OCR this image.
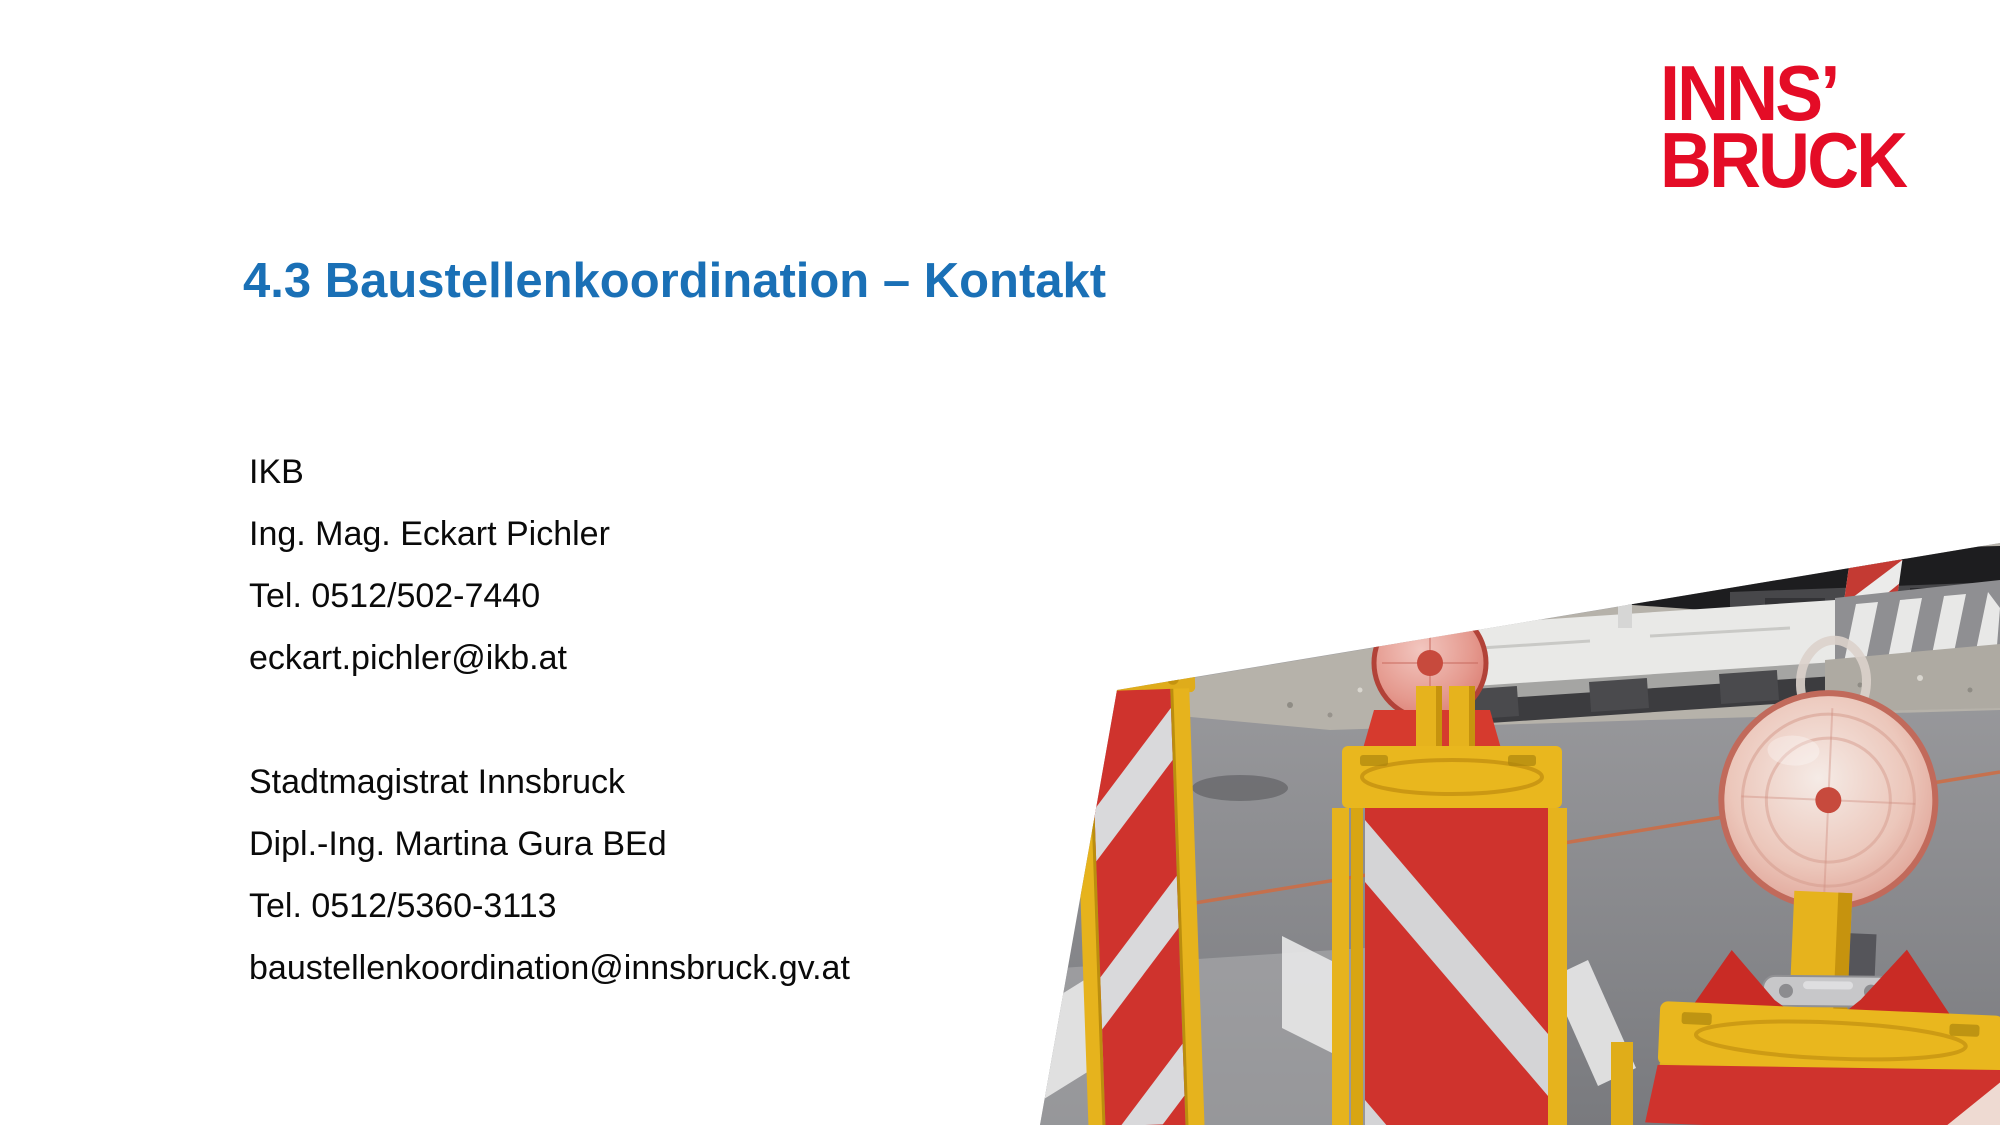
INNS’
BRUCK
4.3 Baustellenkoordination – Kontakt
IKB
Ing. Mag. Eckart Pichler
Tel. 0512/502-7440
eckart.pichler@ikb.at
Stadtmagistrat Innsbruck
Dipl.-Ing. Martina Gura BEd
Tel. 0512/5360-3113
baustellenkoordination@innsbruck.gv.at
